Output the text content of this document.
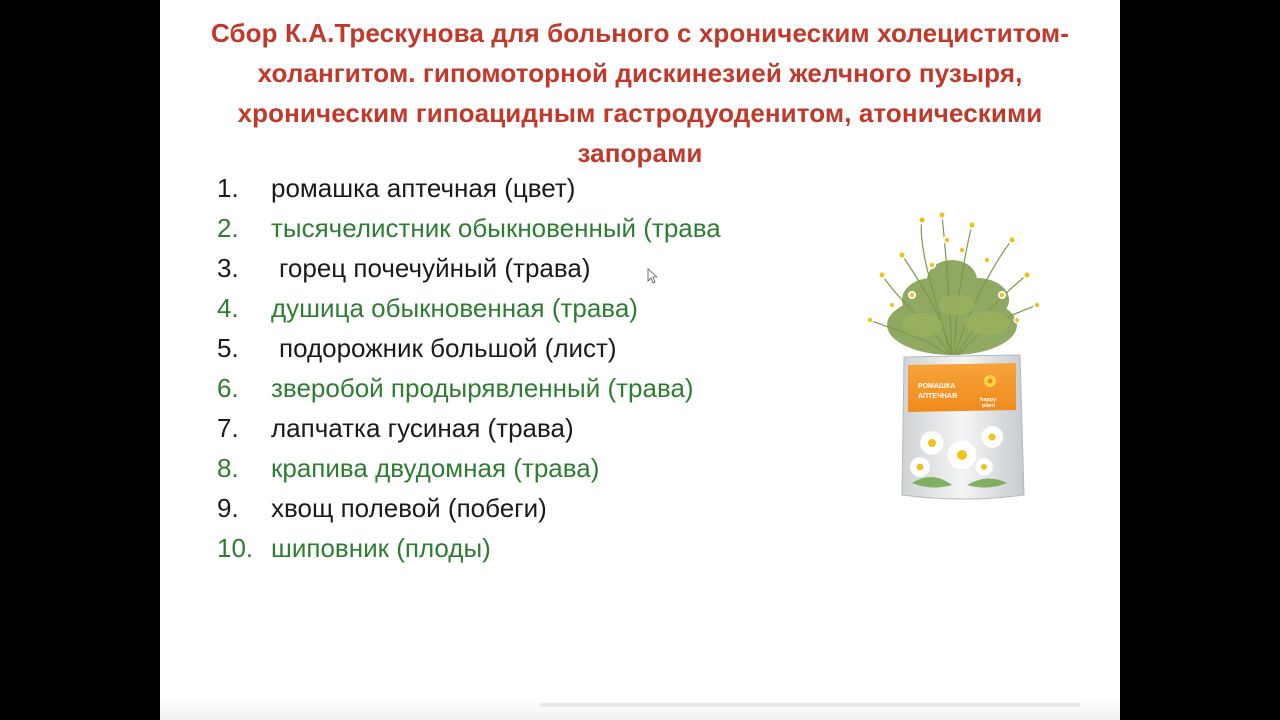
Сбор К.А.Трескунова для больного с хроническим холециститом-холангитом. гипомоторной дискинезией желчного пузыря, хроническим гипоацидным гастродуоденитом, атоническими запорами
1.	ромашка аптечная (цвет)
2.	тысячелистник обыкновенный (трава
3.	горец почечуйный (трава)
4.	душица обыкновенная (трава)
5.	подорожник большой (лист)
6.	зверобой продырявленный (трава)
7.	лапчатка гусиная (трава)
8.	крапива двудомная (трава)
9.	хвощ полевой (побеги)
10. шиповник (плоды)
РОМАШКА
АПТЕЧНАЯ	happy
plant
